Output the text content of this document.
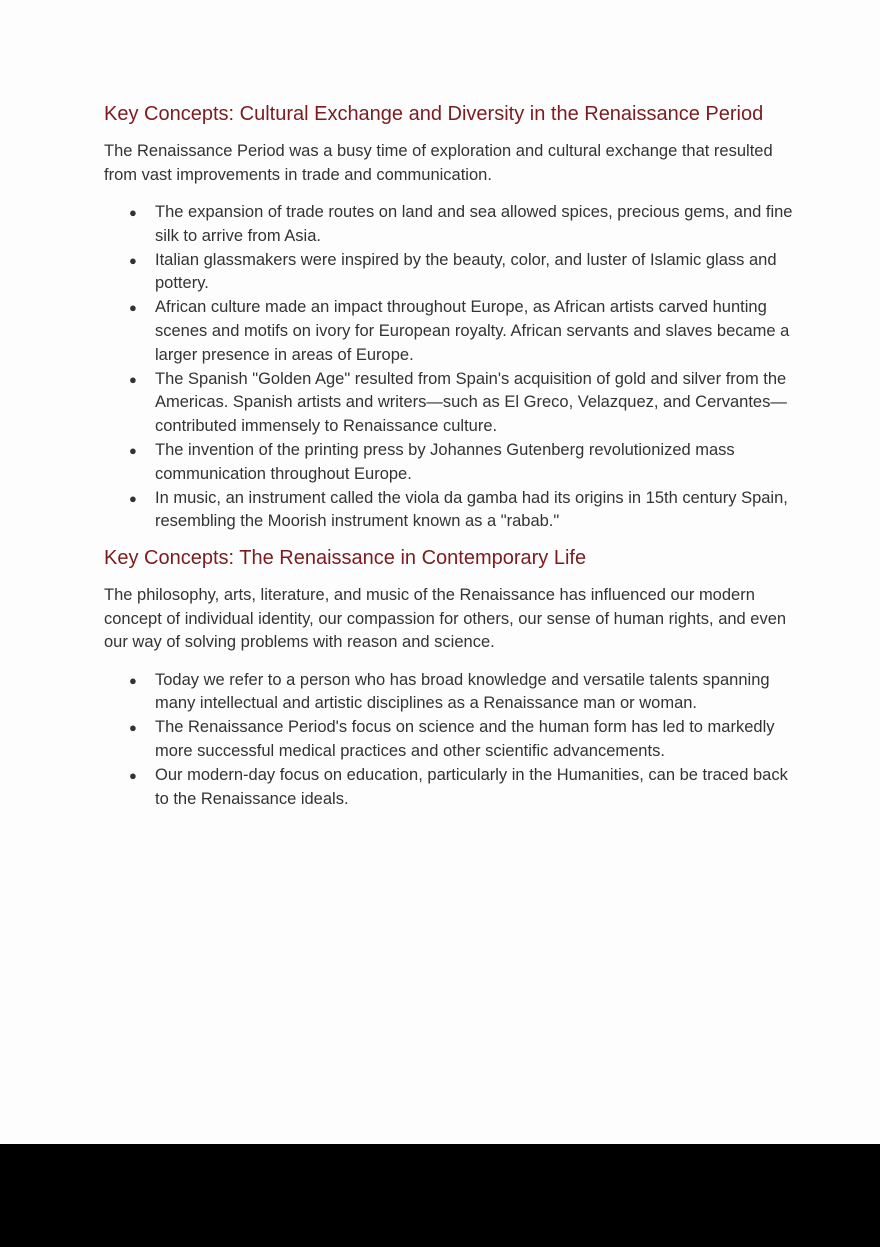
Key Concepts: Cultural Exchange and Diversity in the Renaissance Period

The Renaissance Period was a busy time of exploration and cultural exchange that resulted from vast improvements in trade and communication.

● The expansion of trade routes on land and sea allowed spices, precious gems, and fine silk to arrive from Asia.
● Italian glassmakers were inspired by the beauty, color, and luster of Islamic glass and pottery.
● African culture made an impact throughout Europe, as African artists carved hunting scenes and motifs on ivory for European royalty. African servants and slaves became a larger presence in areas of Europe.
● The Spanish "Golden Age" resulted from Spain's acquisition of gold and silver from the Americas. Spanish artists and writers—such as El Greco, Velazquez, and Cervantes—contributed immensely to Renaissance culture.
● The invention of the printing press by Johannes Gutenberg revolutionized mass communication throughout Europe.
● In music, an instrument called the viola da gamba had its origins in 15th century Spain, resembling the Moorish instrument known as a "rabab."
Key Concepts: The Renaissance in Contemporary Life

The philosophy, arts, literature, and music of the Renaissance has influenced our modern concept of individual identity, our compassion for others, our sense of human rights, and even our way of solving problems with reason and science.

● Today we refer to a person who has broad knowledge and versatile talents spanning many intellectual and artistic disciplines as a Renaissance man or woman.
● The Renaissance Period's focus on science and the human form has led to markedly more successful medical practices and other scientific advancements.
● Our modern-day focus on education, particularly in the Humanities, can be traced back to the Renaissance ideals.
